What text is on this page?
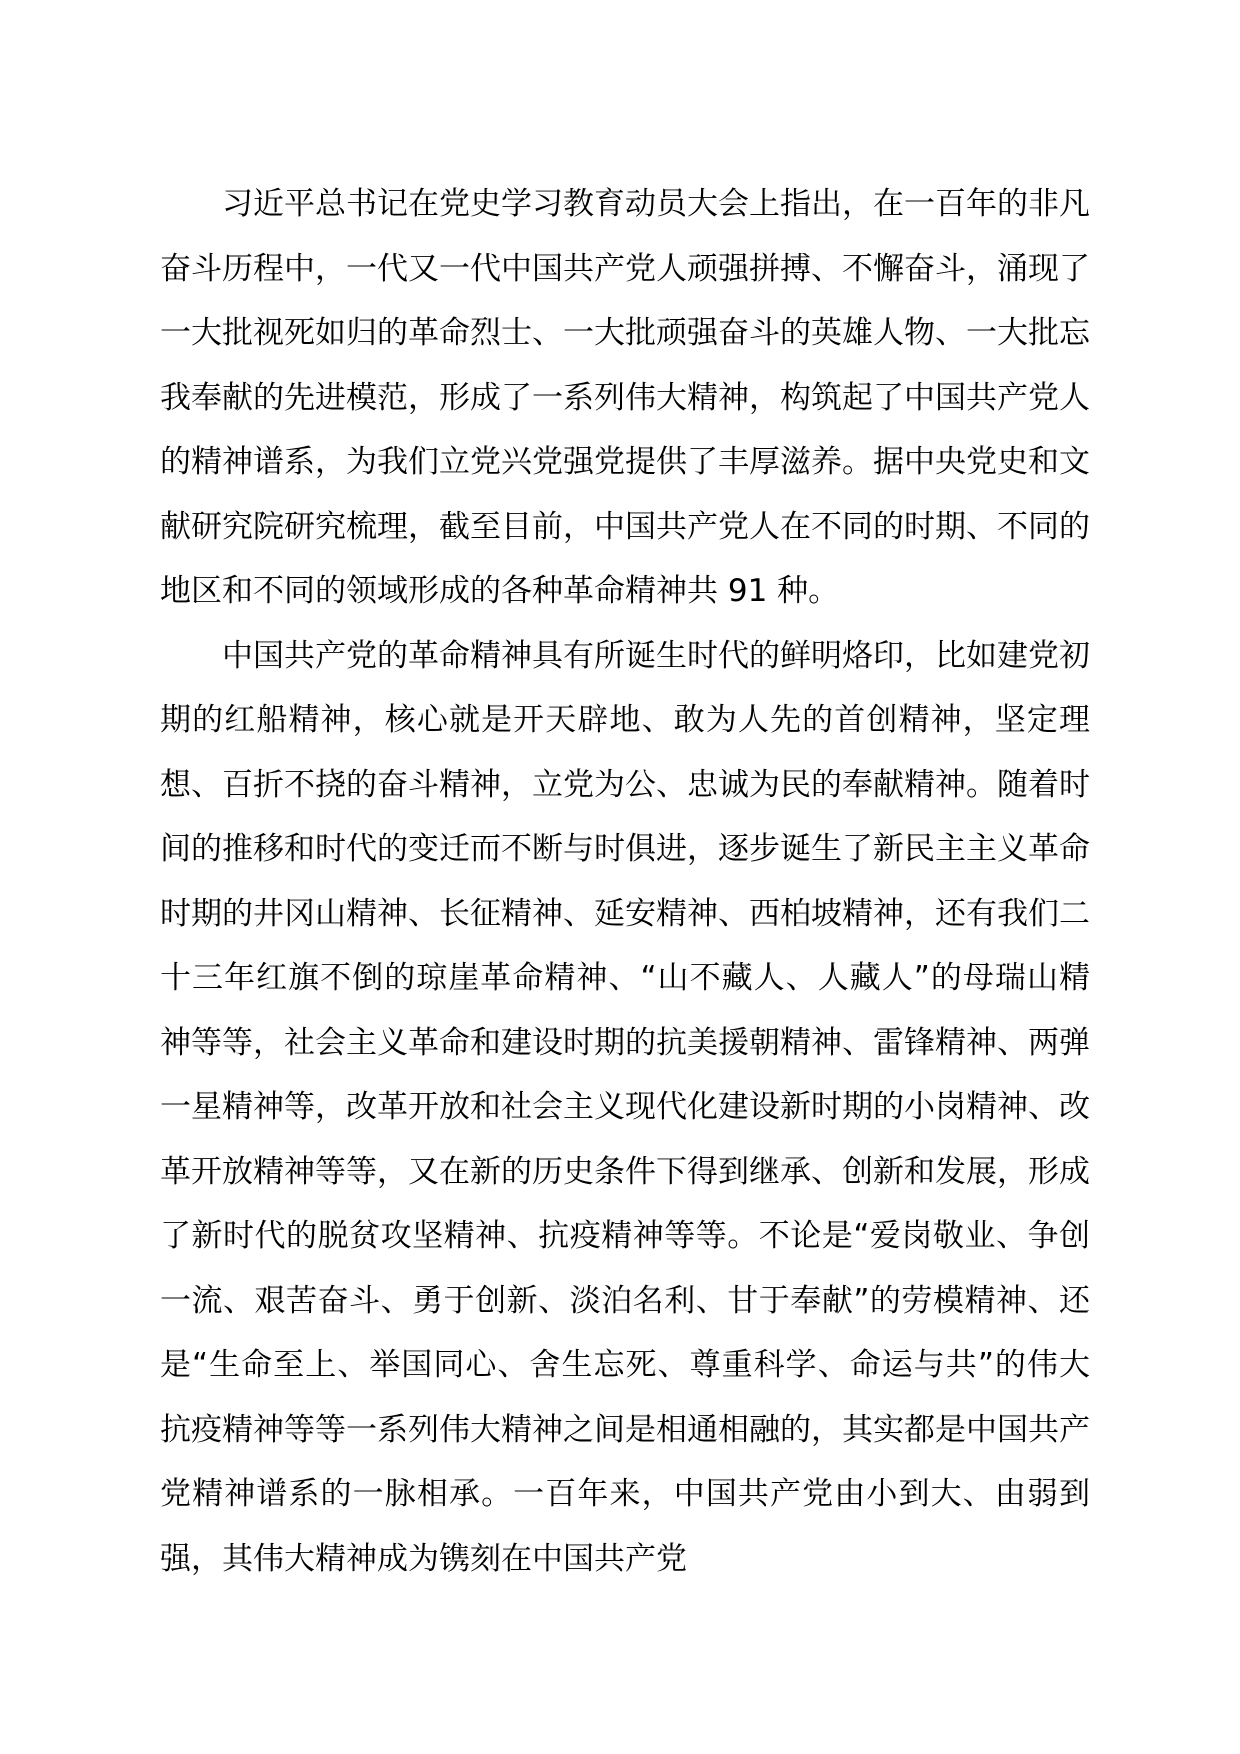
习近平总书记在党史学习教育动员大会上指出，在一百年的非凡奋斗历程中，一代又一代中国共产党人顽强拼搏、不懈奋斗，涌现了一大批视死如归的革命烈士、一大批顽强奋斗的英雄人物、一大批忘我奉献的先进模范，形成了一系列伟大精神，构筑起了中国共产党人的精神谱系，为我们立党兴党强党提供了丰厚滋养。据中央党史和文献研究院研究梳理，截至目前，中国共产党人在不同的时期、不同的地区和不同的领域形成的各种革命精神共 91 种。

中国共产党的革命精神具有所诞生时代的鲜明烙印，比如建党初期的红船精神，核心就是开天辟地、敢为人先的首创精神，坚定理想、百折不挠的奋斗精神，立党为公、忠诚为民的奉献精神。随着时间的推移和时代的变迁而不断与时俱进，逐步诞生了新民主主义革命时期的井冈山精神、长征精神、延安精神、西柏坡精神，还有我们二十三年红旗不倒的琼崖革命精神、“山不藏人、人藏人”的母瑞山精神等等，社会主义革命和建设时期的抗美援朝精神、雷锋精神、两弹一星精神等，改革开放和社会主义现代化建设新时期的小岗精神、改革开放精神等等，又在新的历史条件下得到继承、创新和发展，形成了新时代的脱贫攻坚精神、抗疫精神等等。不论是“爱岗敬业、争创一流、艰苦奋斗、勇于创新、淡泊名利、甘于奉献”的劳模精神、还是“生命至上、举国同心、舍生忘死、尊重科学、命运与共”的伟大抗疫精神等等一系列伟大精神之间是相通相融的，其实都是中国共产党精神谱系的一脉相承。一百年来，中国共产党由小到大、由弱到强，其伟大精神成为镌刻在中国共产党
